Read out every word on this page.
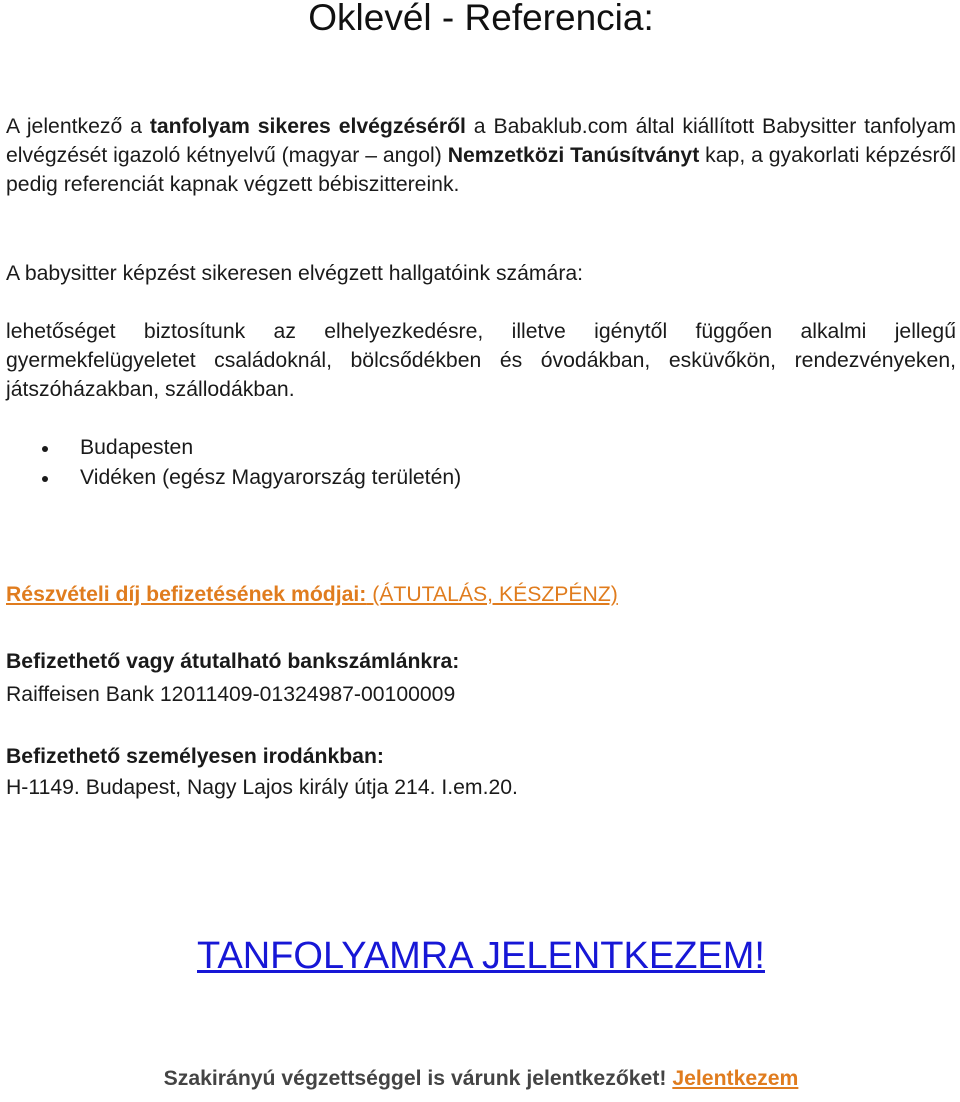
Oklevél - Referencia:

A jelentkező a tanfolyam sikeres elvégzéséről a Babaklub.com által kiállított Babysitter tanfolyam elvégzését igazoló kétnyelvű (magyar – angol) Nemzetközi Tanúsítványt kap, a gyakorlati képzésről pedig referenciát kapnak végzett bébiszittereink.

A babysitter képzést sikeresen elvégzett hallgatóink számára:

lehetőséget biztosítunk az elhelyezkedésre, illetve igénytől függően alkalmi jellegű gyermekfelügyeletet családoknál, bölcsődékben és óvodákban, esküvőkön, rendezvényeken, játszóházakban, szállodákban.

Budapesten
Vidéken (egész Magyarország területén)

Részvételi díj befizetésének módjai: (ÁTUTALÁS, KÉSZPÉNZ)

Befizethető vagy átutalható bankszámlánkra:

Raiffeisen Bank 12011409-01324987-00100009

Befizethető személyesen irodánkban:

H-1149. Budapest, Nagy Lajos király útja 214. I.em.20.

TANFOLYAMRA JELENTKEZEM!

Szakirányú végzettséggel is várunk jelentkezőket! Jelentkezem
